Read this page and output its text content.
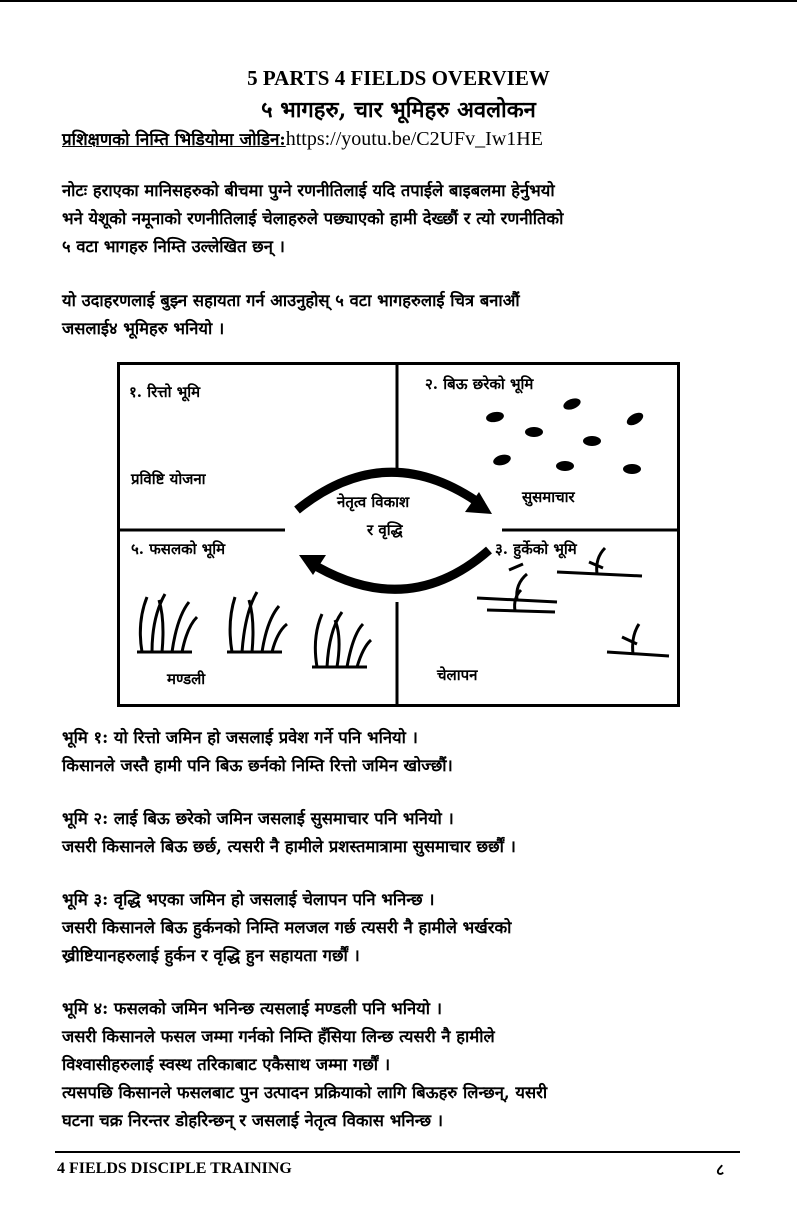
5 PARTS 4 FIELDS OVERVIEW
५ भागहरु, चार भूमिहरु अवलोकन
प्रशिक्षणको निम्ति भिडियोमा जोडिन:https://youtu.be/C2UFv_Iw1HE
नोटः हराएका मानिसहरुको बीचमा पुग्ने रणनीतिलाई यदि तपाईले बाइबलमा हेर्नुभयो
भने येशूको नमूनाको रणनीतिलाई चेलाहरुले पछ्याएको हामी देख्छौं र त्यो रणनीतिको
५ वटा भागहरु निम्ति उल्लेखित छन् ।
यो उदाहरणलाई बुझ्न सहायता गर्न आउनुहोस् ५ वटा भागहरुलाई चित्र बनाऔं
जसलाई४ भूमिहरु भनियो ।
१. रित्तो भूमि
प्रविष्टि योजना
२. बिऊ छरेको भूमि
सुसमाचार
३. हुर्केको भूमि
चेलापन
५. फसलको भूमि
मण्डली
नेतृत्व विकाश
र वृद्धि
भूमि १: यो रित्तो जमिन हो जसलाई प्रवेश गर्ने पनि भनियो ।
किसानले जस्तै हामी पनि बिऊ छर्नको निम्ति रित्तो जमिन खोज्छौं।
भूमि २: लाई बिऊ छरेको जमिन जसलाई सुसमाचार पनि भनियो ।
जसरी किसानले बिऊ छर्छ, त्यसरी नै हामीले प्रशस्तमात्रामा सुसमाचार छर्छौं ।
भूमि ३: वृद्धि भएका जमिन हो जसलाई चेलापन पनि भनिन्छ ।
जसरी किसानले बिऊ हुर्कनको निम्ति मलजल गर्छ त्यसरी नै हामीले भर्खरको
ख्रीष्टियानहरुलाई हुर्कन र वृद्धि हुन सहायता गर्छौं ।
भूमि ४: फसलको जमिन भनिन्छ त्यसलाई मण्डली पनि भनियो ।
जसरी किसानले फसल जम्मा गर्नको निम्ति हँसिया लिन्छ त्यसरी नै हामीले
विश्वासीहरुलाई स्वस्थ तरिकाबाट एकैसाथ जम्मा गर्छौं ।
त्यसपछि किसानले फसलबाट पुन उत्पादन प्रक्रियाको लागि बिऊहरु लिन्छन्, यसरी
घटना चक्र निरन्तर डोहरिन्छन् र जसलाई नेतृत्व विकास भनिन्छ ।
4 FIELDS DISCIPLE TRAINING	८
